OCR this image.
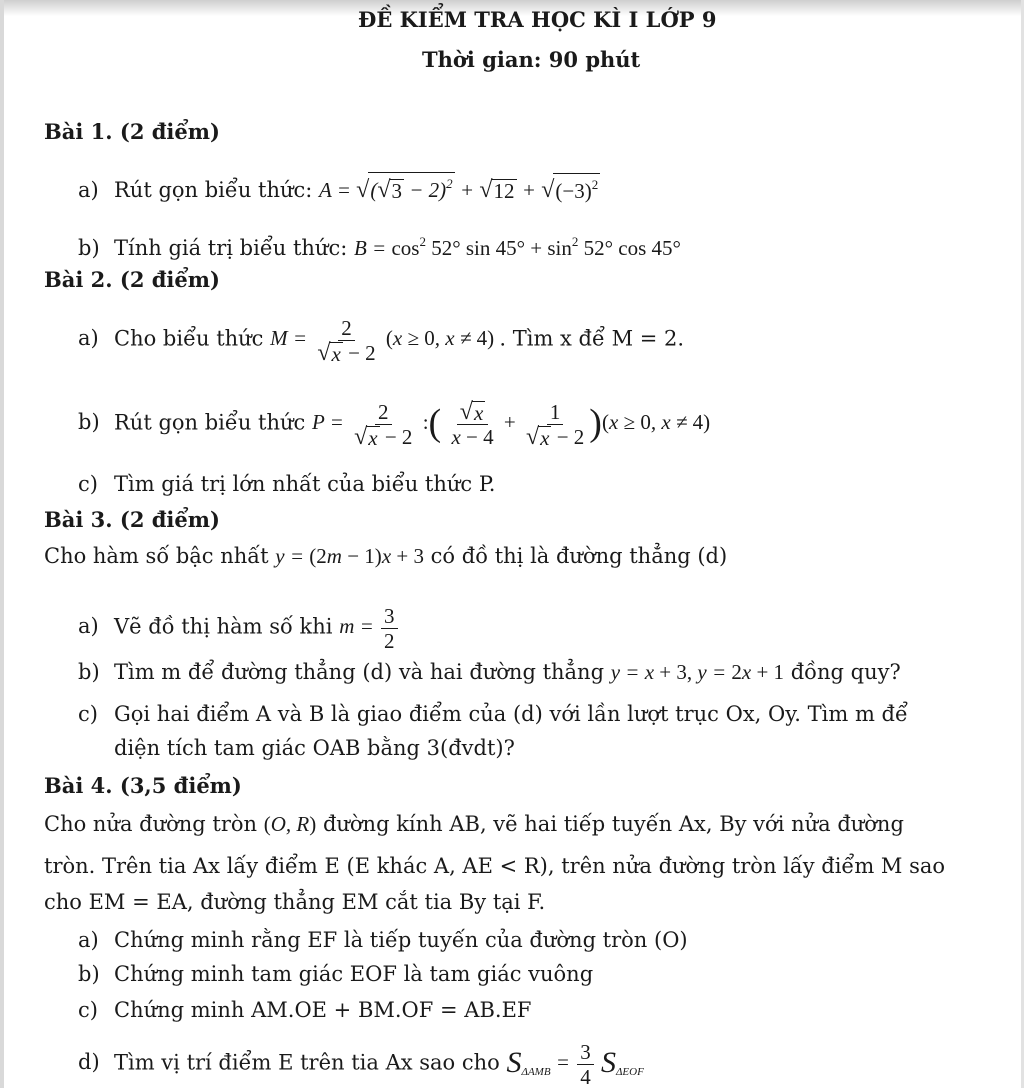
ĐỀ KIỂM TRA HỌC KÌ I LỚP 9
Thời gian: 90 phút
Bài 1. (2 điểm)
a) Rút gọn biểu thức: A = √ ( √ 3 − 2)$^2$ + √ 12 + √ $(-3)^2$
b) Tính giá trị biểu thức: $B = \cos^2 52^\circ$ $\sin 45^\circ + \sin^2 52^\circ$ cos 45°
Bài 2. (2 điểm)
a) Cho biểu thức $M = \frac{2}{√ x - 2} (x \ge 0$, x ≠ 4) . Tìm x để M = 2.
b) Rút gọn biểu thức $P = \frac{2}{√ x - 2}$ :( $\frac{√ x}{x - 4} + \frac{1}{√ x - 2} )(x \ge 0$, x ≠ 4)
c) Tìm giá trị lớn nhất của biểu thức P.
Bài 3. (2 điểm)
Cho hàm số bậc nhất y = (2m − 1)x + 3 có đồ thị là đường thẳng (d)
a) Vẽ đồ thị hàm số khi $m = \frac{3}{2}$
b) Tìm m để đường thẳng (d) và hai đường thẳng y = x + 3, y = 2x + 1 đồng quy?
c) Gọi hai điểm A và B là giao điểm của (d) với lần lượt trục Ox, Oy. Tìm m để
diện tích tam giác OAB bằng 3(đvdt)?
Bài 4. (3,5 điểm)
Cho nửa đường tròn (O, R) đường kính AB, vẽ hai tiếp tuyến Ax, By với nửa đường
tròn. Trên tia Ax lấy điểm E (E khác A, AE < R), trên nửa đường tròn lấy điểm M sao
cho EM = EA, đường thẳng EM cắt tia By tại F.
a) Chứng minh rằng EF là tiếp tuyến của đường tròn (O)
b) Chứng minh tam giác EOF là tam giác vuông
c) Chứng minh AM.OE + BM.OF = AB.EF
d) Tìm vị trí điểm E trên tia Ax sao cho $S_{\Delta AMB} = \frac{3}{4} S_{\Delta EOF}$
